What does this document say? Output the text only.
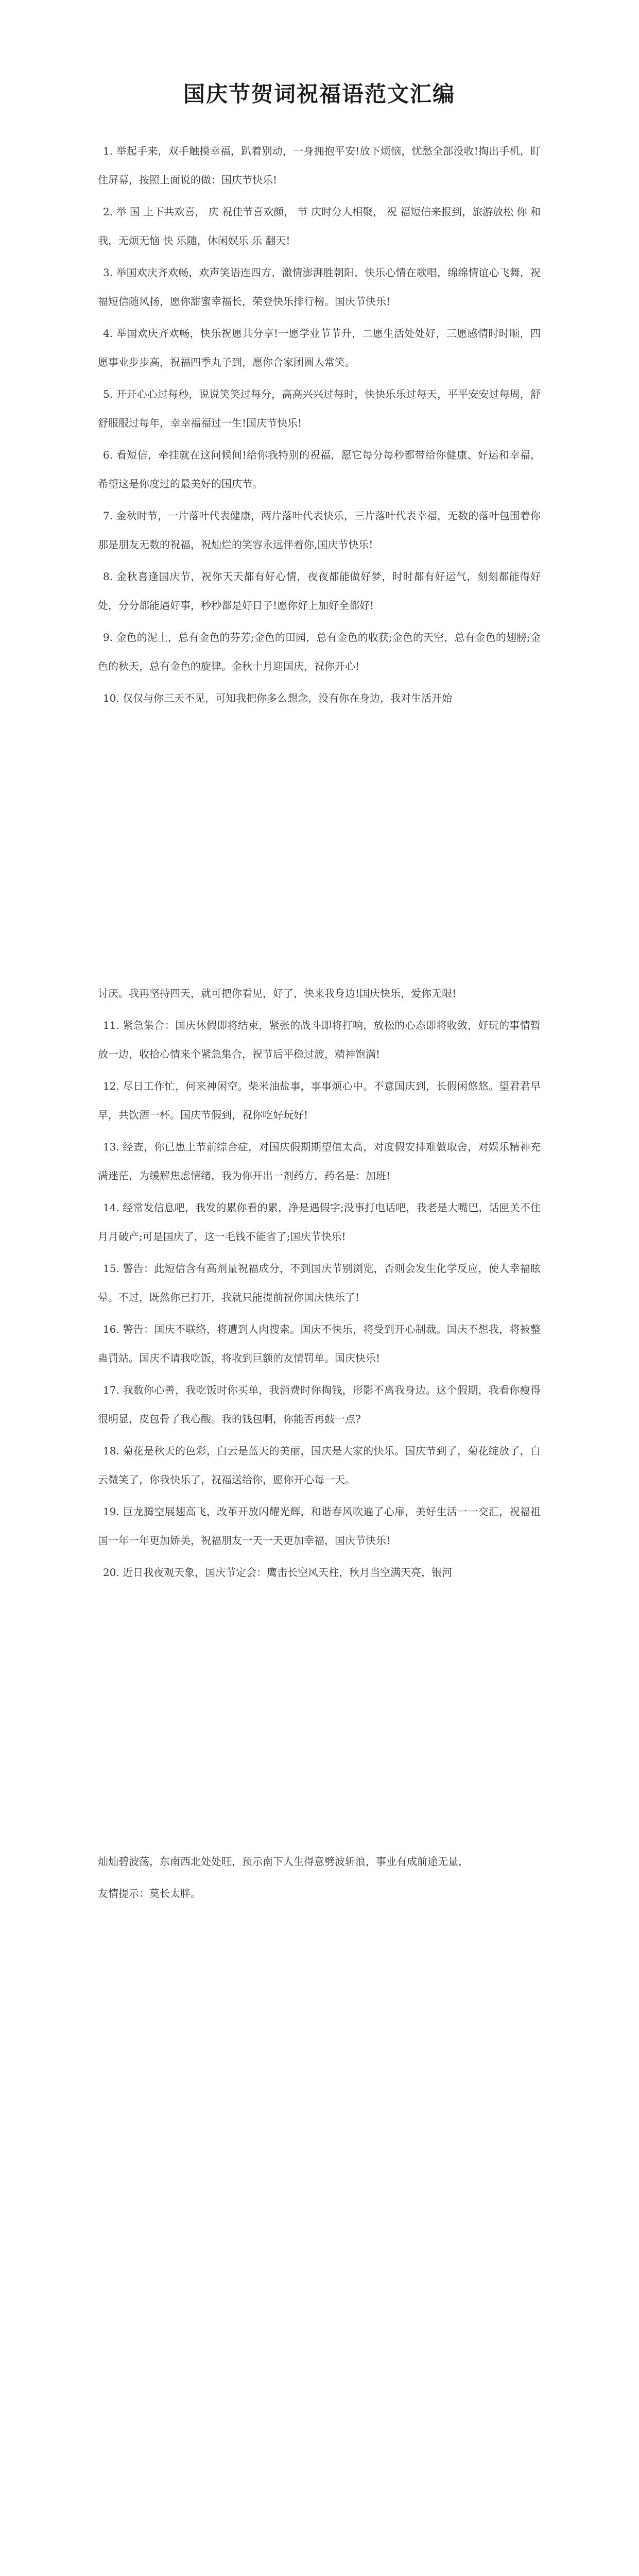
国庆节贺词祝福语范文汇编

1. 举起手来，双手触摸幸福，趴着别动，一身拥抱平安!放下烦恼，忧愁全部没收!掏出手机，盯住屏幕，按照上面说的做：国庆节快乐!

2. 举 国 上下共欢喜， 庆 祝佳节喜欢颜， 节 庆时分人相聚， 祝 福短信来报到，旅游放松 你 和我，无烦无恼 快 乐随，休闲娱乐 乐 翻天!

3. 举国欢庆齐欢畅，欢声笑语连四方，激情澎湃胜朝阳，快乐心情在歌唱，绵绵情谊心飞舞，祝福短信随风扬，愿你甜蜜幸福长，荣登快乐排行榜。国庆节快乐!

4. 举国欢庆齐欢畅，快乐祝愿共分享!一愿学业节节升，二愿生活处处好，三愿感情时时顺，四愿事业步步高，祝福四季丸子到，愿你合家团圆人常笑。

5. 开开心心过每秒，说说笑笑过每分，高高兴兴过每时，快快乐乐过每天，平平安安过每周，舒舒服服过每年，幸幸福福过一生!国庆节快乐!

6. 看短信，牵挂就在这问候间!给你我特别的祝福，愿它每分每秒都带给你健康、好运和幸福，希望这是你度过的最美好的国庆节。

7. 金秋时节，一片落叶代表健康，两片落叶代表快乐，三片落叶代表幸福，无数的落叶包围着你那是朋友无数的祝福，祝灿烂的笑容永远伴着你,国庆节快乐!

8. 金秋喜逢国庆节，祝你天天都有好心情，夜夜都能做好梦，时时都有好运气，刻刻都能得好处，分分都能遇好事，秒秒都是好日子!愿你好上加好全都好!

9. 金色的泥土，总有金色的芬芳;金色的田园，总有金色的收获;金色的天空，总有金色的翅膀;金色的秋天，总有金色的旋律。金秋十月迎国庆，祝你开心!

10. 仅仅与你三天不见，可知我把你多么想念，没有你在身边，我对生活开始

讨厌。我再坚持四天，就可把你看见，好了，快来我身边!国庆快乐，爱你无限!

11. 紧急集合：国庆休假即将结束，紧张的战斗即将打响，放松的心态即将收敛，好玩的事情暂放一边，收拾心情来个紧急集合，祝节后平稳过渡，精神饱满!

12. 尽日工作忙，何来神闲空。柴米油盐事，事事烦心中。不意国庆到，长假闲悠悠。望君君早早，共饮酒一杯。国庆节假到，祝你吃好玩好!

13. 经查，你已患上节前综合症，对国庆假期期望值太高，对度假安排难做取舍，对娱乐精神充满迷茫，为缓解焦虑情绪，我为你开出一剂药方，药名是：加班!

14. 经常发信息吧，我发的累你看的累，净是遇假字;没事打电话吧，我老是大嘴巴，话匣关不住月月破产;可是国庆了，这一毛钱不能省了;国庆节快乐!

15. 警告：此短信含有高剂量祝福成分，不到国庆节别浏览，否则会发生化学反应，使人幸福眩晕。不过，既然你已打开，我就只能提前祝你国庆快乐了!

16. 警告：国庆不联络，将遭到人肉搜索。国庆不快乐，将受到开心制裁。国庆不想我，将被整蛊罚站。国庆不请我吃饭，将收到巨额的友情罚单。国庆快乐!

17. 我数你心善，我吃饭时你买单，我消费时你掏钱，形影不离我身边。这个假期，我看你瘦得很明显，皮包骨了我心酸。我的钱包啊，你能否再鼓一点?

18. 菊花是秋天的色彩，白云是蓝天的美丽，国庆是大家的快乐。国庆节到了，菊花绽放了，白云微笑了，你我快乐了，祝福送给你，愿你开心每一天。

19. 巨龙腾空展翅高飞，改革开放闪耀光辉，和谐春风吹遍了心扉，美好生活一一交汇，祝福祖国一年一年更加娇美，祝福朋友一天一天更加幸福，国庆节快乐!

20. 近日我夜观天象，国庆节定会：鹰击长空风天柱，秋月当空满天亮，银河

灿灿碧波荡，东南西北处处旺，预示南下人生得意劈波斩浪，事业有成前途无量，

友情提示：莫长太胖。
